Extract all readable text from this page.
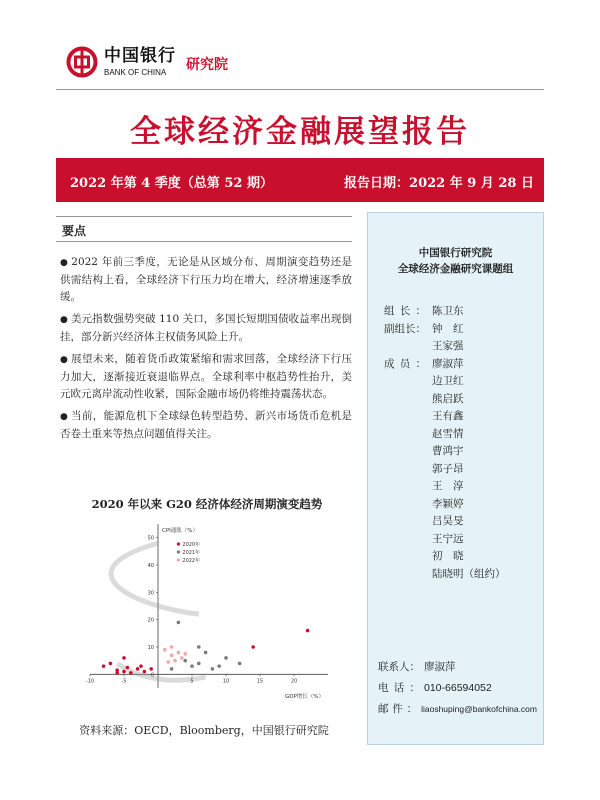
中国银行
BANK OF CHINA	研究院
全球经济金融展望报告
2022 年第 4 季度（总第 52 期）	报告日期：2022 年 9 月 28 日
要点
● 2022 年前三季度，无论是从区域分布、周期演变趋势还是供需结构上看，全球经济下行压力均在增大，经济增速逐季放缓。
● 美元指数强势突破 110 关口，多国长短期国债收益率出现倒挂，部分新兴经济体主权债务风险上升。
● 展望未来，随着货币政策紧缩和需求回落，全球经济下行压力加大，逐渐接近衰退临界点。全球利率中枢趋势性抬升，美元欧元离岸流动性收紧，国际金融市场仍将维持震荡状态。
● 当前，能源危机下全球绿色转型趋势、新兴市场货币危机是否卷土重来等热点问题值得关注。
2020 年以来 G20 经济体经济周期演变趋势
0
10
20
30
40
50
-10	-5	5	10	15	20
CPI通胀（%）
GDP增长（%）
2020年
2021年
2022年
资料来源：OECD，Bloomberg，中国银行研究院
中国银行研究院
全球经济金融研究课题组
组长： 陈卫东
副组长： 钟　红
王家强
成员： 廖淑萍
边卫红
熊启跃
王有鑫
赵雪情
曹鸿宇
郭子昂
王　淳
李颖婷
吕昊旻
王宁远
初　晓
陆晓明（组约）
联系人： 廖淑萍
电话： 010-66594052
邮件： liaoshuping@bankofchina.com
